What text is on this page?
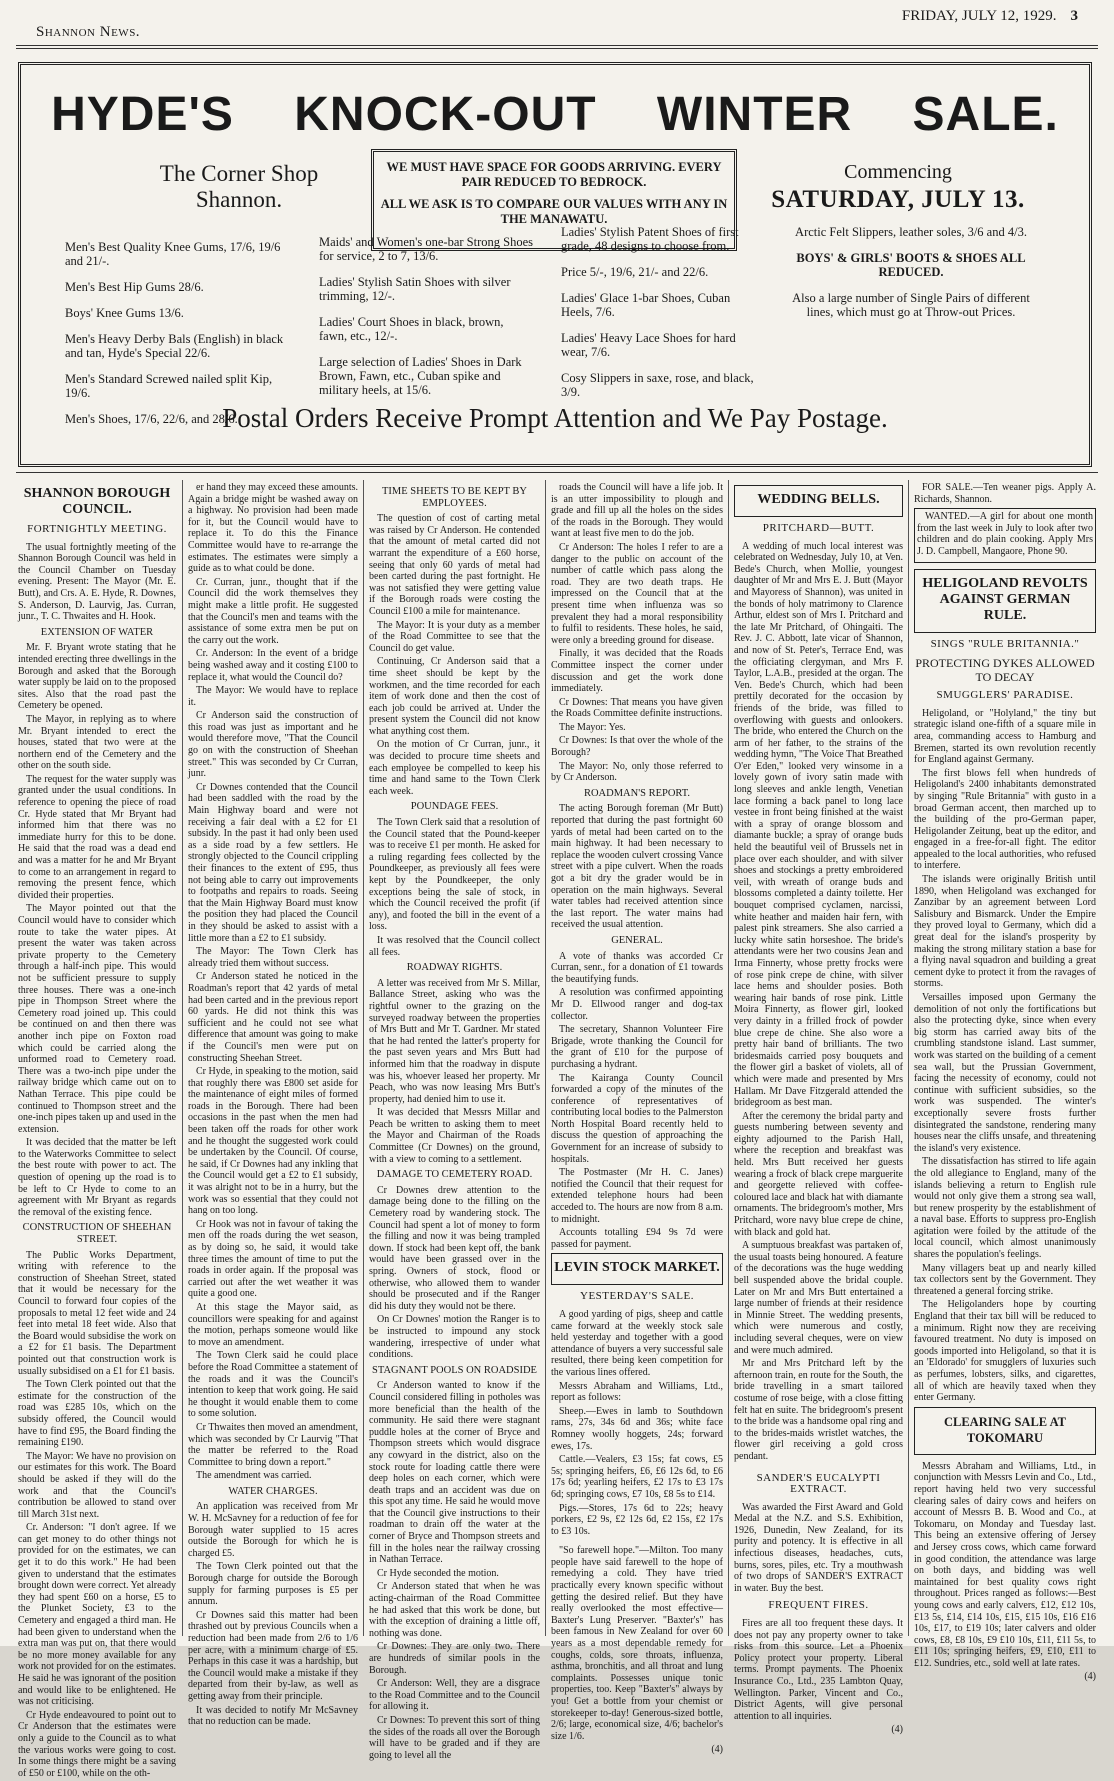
Shannon News.
FRIDAY, JULY 12, 1929. 3
HYDE'S KNOCK-OUT WINTER SALE.
The Corner Shop
Shannon.

WE MUST HAVE SPACE FOR GOODS ARRIVING. EVERY PAIR REDUCED TO BEDROCK.

ALL WE ASK IS TO COMPARE OUR VALUES WITH ANY IN THE MANAWATU.

Commencing
SATURDAY, JULY 13.

Men's Best Quality Knee Gums, 17/6, 19/6 and 21/-.

Men's Best Hip Gums 28/6.

Boys' Knee Gums 13/6.

Men's Heavy Derby Bals (English) in black and tan, Hyde's Special 22/6.

Men's Standard Screwed nailed split Kip, 19/6.

Men's Shoes, 17/6, 22/6, and 28/6.

Maids' and Women's one-bar Strong Shoes for service, 2 to 7, 13/6.

Ladies' Stylish Satin Shoes with silver trimming, 12/-.

Ladies' Court Shoes in black, brown, fawn, etc., 12/-.

Large selection of Ladies' Shoes in Dark Brown, Fawn, etc., Cuban spike and military heels, at 15/6.

Ladies' Stylish Patent Shoes of first grade, 48 designs to choose from.

Price 5/-, 19/6, 21/- and 22/6.

Ladies' Glace 1-bar Shoes, Cuban Heels, 7/6.

Ladies' Heavy Lace Shoes for hard wear, 7/6.

Cosy Slippers in saxe, rose, and black, 3/9.

Arctic Felt Slippers, leather soles, 3/6 and 4/3.

BOYS' & GIRLS' BOOTS & SHOES ALL REDUCED.

Also a large number of Single Pairs of different lines, which must go at Throw-out Prices.

Postal Orders Receive Prompt Attention and We Pay Postage.
SHANNON BOROUGH COUNCIL.
FORTNIGHTLY MEETING.

The usual fortnightly meeting of the Shannon Borough Council was held in the Council Chamber on Tuesday evening. Present: The Mayor (Mr. E. Butt), and Crs. A. E. Hyde, R. Downes, S. Anderson, D. Laurvig, Jas. Curran, junr., T. C. Thwaites and H. Hook.

EXTENSION OF WATER

Mr. F. Bryant wrote stating that he intended erecting three dwellings in the Borough and asked that the Borough water supply be laid on to the proposed sites. Also that the road past the Cemetery be opened.

The Mayor, in replying as to where Mr. Bryant intended to erect the houses, stated that two were at the northern end of the Cemetery and the other on the south side.

The request for the water supply was granted under the usual conditions. In reference to opening the piece of road Cr. Hyde stated that Mr Bryant had informed him that there was no immediate hurry for this to be done. He said that the road was a dead end and was a matter for he and Mr Bryant to come to an arrangement in regard to removing the present fence, which divided their properties.

The Mayor pointed out that the Council would have to consider which route to take the water pipes. At present the water was taken across private property to the Cemetery through a half-inch pipe. This would not be sufficient pressure to supply three houses. There was a one-inch pipe in Thompson Street where the Cemetery road joined up. This could be continued on and then there was another inch pipe on Foxton road which could be carried along the unformed road to Cemetery road. There was a two-inch pipe under the railway bridge which came out on to Nathan Terrace. This pipe could be continued to Thompson street and the one-inch pipes taken up and used in the extension.

It was decided that the matter be left to the Waterworks Committee to select the best route with power to act. The question of opening up the road is to be left to Cr Hyde to come to an agreement with Mr Bryant as regards the removal of the existing fence.

CONSTRUCTION OF SHEEHAN STREET.

The Public Works Department, writing with reference to the construction of Sheehan Street, stated that it would be necessary for the Council to forward four copies of the proposals to metal 12 feet wide and 24 feet into metal 18 feet wide. Also that the Board would subsidise the work on a £2 for £1 basis. The Department pointed out that construction work is usually subsidised on a £1 for £1 basis.

The Town Clerk pointed out that the estimate for the construction of the road was £285 10s, which on the subsidy offered, the Council would have to find £95, the Board finding the remaining £190.

The Mayor: We have no provision on our estimates for this work. The Board should be asked if they will do the work and that the Council's contribution be allowed to stand over till March 31st next.

Cr. Anderson: "I don't agree. If we can get money to do other things not provided for on the estimates, we can get it to do this work." He had been given to understand that the estimates brought down were correct. Yet already they had spent £60 on a horse, £5 to the Plunket Society, £3 to the Cemetery and engaged a third man. He had been given to understand when the extra man was put on, that there would be no more money available for any work not provided for on the estimates. He said he was ignorant of the position and would like to be enlightened. He was not criticising.

Cr Hyde endeavoured to point out to Cr Anderson that the estimates were only a guide to the Council as to what the various works were going to cost. In some things there might be a saving of £50 or £100, while on the oth-

er hand they may exceed these amounts. Again a bridge might be washed away on a highway. No provision had been made for it, but the Council would have to replace it. To do this the Finance Committee would have to re-arrange the estimates. The estimates were simply a guide as to what could be done.

Cr. Curran, junr., thought that if the Council did the work themselves they might make a little profit. He suggested that the Council's men and teams with the assistance of some extra men be put on the carry out the work.

Cr. Anderson: In the event of a bridge being washed away and it costing £100 to replace it, what would the Council do?

The Mayor: We would have to replace it.

Cr Anderson said the construction of this road was just as important and he would therefore move, "That the Council go on with the construction of Sheehan street." This was seconded by Cr Curran, junr.

Cr Downes contended that the Council had been saddled with the road by the Main Highway board and were not receiving a fair deal with a £2 for £1 subsidy. In the past it had only been used as a side road by a few settlers. He strongly objected to the Council crippling their finances to the extent of £95, thus not being able to carry out improvements to footpaths and repairs to roads. Seeing that the Main Highway Board must know the position they had placed the Council in they should be asked to assist with a little more than a £2 to £1 subsidy.

The Mayor: The Town Clerk has already tried them without success.

Cr Anderson stated he noticed in the Roadman's report that 42 yards of metal had been carted and in the previous report 60 yards. He did not think this was sufficient and he could not see what difference that amount was going to make if the Council's men were put on constructing Sheehan Street.

Cr Hyde, in speaking to the motion, said that roughly there was £800 set aside for the maintenance of eight miles of formed roads in the Borough. There had been occasions in the past when the men had been taken off the roads for other work and he thought the suggested work could be undertaken by the Council. Of course, he said, if Cr Downes had any inkling that the Council would get a £2 to £1 subsidy, it was alright not to be in a hurry, but the work was so essential that they could not hang on too long.

Cr Hook was not in favour of taking the men off the roads during the wet season, as by doing so, he said, it would take three times the amount of time to put the roads in order again. If the proposal was carried out after the wet weather it was quite a good one.

At this stage the Mayor said, as councillors were speaking for and against the motion, perhaps someone would like to move an amendment.

The Town Clerk said he could place before the Road Committee a statement of the roads and it was the Council's intention to keep that work going. He said he thought it would enable them to come to some solution.

Cr Thwaites then moved an amendment, which was seconded by Cr Laurvig "That the matter be referred to the Road Committee to bring down a report."

The amendment was carried.

WATER CHARGES.

An application was received from Mr W. H. McSavney for a reduction of fee for Borough water supplied to 15 acres outside the Borough for which he is charged £5.

The Town Clerk pointed out that the Borough charge for outside the Borough supply for farming purposes is £5 per annum.

Cr Downes said this matter had been thrashed out by previous Councils when a reduction had been made from 2/6 to 1/6 per acre, with a minimum charge of £5. Perhaps in this case it was a hardship, but the Council would make a mistake if they departed from their by-law, as well as getting away from their principle.

It was decided to notify Mr McSavney that no reduction can be made.

TIME SHEETS TO BE KEPT BY EMPLOYEES.

The question of cost of carting metal was raised by Cr Anderson. He contended that the amount of metal carted did not warrant the expenditure of a £60 horse, seeing that only 60 yards of metal had been carted during the past fortnight. He was not satisfied they were getting value if the Borough roads were costing the Council £100 a mile for maintenance.

The Mayor: It is your duty as a member of the Road Committee to see that the Council do get value.

Continuing, Cr Anderson said that a time sheet should be kept by the workmen, and the time recorded for each item of work done and then the cost of each job could be arrived at. Under the present system the Council did not know what anything cost them.

On the motion of Cr Curran, junr., it was decided to procure time sheets and each employee be compelled to keep his time and hand same to the Town Clerk each week.

POUNDAGE FEES.

The Town Clerk said that a resolution of the Council stated that the Pound-keeper was to receive £1 per month. He asked for a ruling regarding fees collected by the Poundkeeper, as previously all fees were kept by the Poundkeeper, the only exceptions being the sale of stock, in which the Council received the profit (if any), and footed the bill in the event of a loss.

It was resolved that the Council collect all fees.

ROADWAY RIGHTS.

A letter was received from Mr S. Millar, Ballance Street, asking who was the rightful owner to the grazing on the surveyed roadway between the properties of Mrs Butt and Mr T. Gardner. Mr stated that he had rented the latter's property for the past seven years and Mrs Butt had informed him that the roadway in dispute was his, whoever leased her property. Mr Peach, who was now leasing Mrs Butt's property, had denied him to use it.

It was decided that Messrs Millar and Peach be written to asking them to meet the Mayor and Chairman of the Roads Committee (Cr Downes) on the ground, with a view to coming to a settlement.

DAMAGE TO CEMETERY ROAD.

Cr Downes drew attention to the damage being done to the filling on the Cemetery road by wandering stock. The Council had spent a lot of money to form the filling and now it was being trampled down. If stock had been kept off, the bank would have been grassed over in the spring. Owners of stock, flood or otherwise, who allowed them to wander should be prosecuted and if the Ranger did his duty they would not be there.

On Cr Downes' motion the Ranger is to be instructed to impound any stock wandering, irrespective of under what conditions.

STAGNANT POOLS ON ROADSIDE

Cr Anderson wanted to know if the Council considered filling in potholes was more beneficial than the health of the community. He said there were stagnant puddle holes at the corner of Bryce and Thompson streets which would disgrace any cowyard in the district, also on the stock route for loading cattle there were deep holes on each corner, which were death traps and an accident was due on this spot any time. He said he would move that the Council give instructions to their roadman to drain off the water at the corner of Bryce and Thompson streets and fill in the holes near the railway crossing in Nathan Terrace.

Cr Hyde seconded the motion.

Cr Anderson stated that when he was acting-chairman of the Road Committee he had asked that this work be done, but with the exception of draining a little off, nothing was done.

Cr Downes: They are only two. There are hundreds of similar pools in the Borough.

Cr Anderson: Well, they are a disgrace to the Road Committee and to the Council for allowing it.

Cr Downes: To prevent this sort of thing the sides of the roads all over the Borough will have to be graded and if they are going to level all the

roads the Council will have a life job. It is an utter impossibility to plough and grade and fill up all the holes on the sides of the roads in the Borough. They would want at least five men to do the job.

Cr Anderson: The holes I refer to are a danger to the public on account of the number of cattle which pass along the road. They are two death traps. He impressed on the Council that at the present time when influenza was so prevalent they had a moral responsibility to fulfil to residents. These holes, he said, were only a breeding ground for disease.

Finally, it was decided that the Roads Committee inspect the corner under discussion and get the work done immediately.

Cr Downes: That means you have given the Roads Committee definite instructions.

The Mayor: Yes.

Cr Downes: Is that over the whole of the Borough?

The Mayor: No, only those referred to by Cr Anderson.

ROADMAN'S REPORT.

The acting Borough foreman (Mr Butt) reported that during the past fortnight 60 yards of metal had been carted on to the main highway. It had been necessary to replace the wooden culvert crossing Vance street with a pipe culvert. When the roads got a bit dry the grader would be in operation on the main highways. Several water tables had received attention since the last report. The water mains had received the usual attention.

GENERAL.

A vote of thanks was accorded Cr Curran, senr., for a donation of £1 towards the beautifying funds.

A resolution was confirmed appointing Mr D. Ellwood ranger and dog-tax collector.

The secretary, Shannon Volunteer Fire Brigade, wrote thanking the Council for the grant of £10 for the purpose of purchasing a hydrant.

The Kairanga County Council forwarded a copy of the minutes of the conference of representatives of contributing local bodies to the Palmerston North Hospital Board recently held to discuss the question of approaching the Government for an increase of subsidy to hospitals.

The Postmaster (Mr H. C. Janes) notified the Council that their request for extended telephone hours had been acceded to. The hours are now from 8 a.m. to midnight.

Accounts totalling £94 9s 7d were passed for payment.

LEVIN STOCK MARKET.
YESTERDAY'S SALE.

A good yarding of pigs, sheep and cattle came forward at the weekly stock sale held yesterday and together with a good attendance of buyers a very successful sale resulted, there being keen competition for the various lines offered.

Messrs Abraham and Williams, Ltd., report as follows:

Sheep.—Ewes in lamb to Southdown rams, 27s, 34s 6d and 36s; white face Romney woolly hoggets, 24s; forward ewes, 17s.

Cattle.—Vealers, £3 15s; fat cows, £5 5s; springing heifers, £6, £6 12s 6d, to £6 17s 6d; yearling heifers, £2 17s to £3 17s 6d; springing cows, £7 10s, £8 5s to £14.

Pigs.—Stores, 17s 6d to 22s; heavy porkers, £2 9s, £2 12s 6d, £2 15s, £2 17s to £3 10s.

"So farewell hope."—Milton. Too many people have said farewell to the hope of remedying a cold. They have tried practically every known specific without getting the desired relief. But they have really overlooked the most effective—Baxter's Lung Preserver. "Baxter's" has been famous in New Zealand for over 60 years as a most dependable remedy for coughs, colds, sore throats, influenza, asthma, bronchitis, and all throat and lung complaints. Possesses unique tonic properties, too. Keep "Baxter's" always by you! Get a bottle from your chemist or storekeeper to-day! Generous-sized bottle, 2/6; large, economical size, 4/6; bachelor's size 1/6.

(4)
WEDDING BELLS.
PRITCHARD—BUTT.

A wedding of much local interest was celebrated on Wednesday, July 10, at Ven. Bede's Church, when Mollie, youngest daughter of Mr and Mrs E. J. Butt (Mayor and Mayoress of Shannon), was united in the bonds of holy matrimony to Clarence Arthur, eldest son of Mrs I. Pritchard and the late Mr Pritchard, of Ohingaiti. The Rev. J. C. Abbott, late vicar of Shannon, and now of St. Peter's, Terrace End, was the officiating clergyman, and Mrs F. Taylor, L.A.B., presided at the organ. The Ven. Bede's Church, which had been prettily decorated for the occasion by friends of the bride, was filled to overflowing with guests and onlookers. The bride, who entered the Church on the arm of her father, to the strains of the wedding hymn, "The Voice That Breathed O'er Eden," looked very winsome in a lovely gown of ivory satin made with long sleeves and ankle length, Venetian lace forming a back panel to long lace vestee in front being finished at the waist with a spray of orange blossom and diamante buckle; a spray of orange buds held the beautiful veil of Brussels net in place over each shoulder, and with silver shoes and stockings a pretty embroidered veil, with wreath of orange buds and blossoms completed a dainty toilette. Her bouquet comprised cyclamen, narcissi, white heather and maiden hair fern, with palest pink streamers. She also carried a lucky white satin horseshoe. The bride's attendants were her two cousins Jean and Irma Finnerty, whose pretty frocks were of rose pink crepe de chine, with silver lace hems and shoulder posies. Both wearing hair bands of rose pink. Little Moira Finnerty, as flower girl, looked very dainty in a frilled frock of powder blue crepe de chine. She also wore a pretty hair band of brilliants. The two bridesmaids carried posy bouquets and the flower girl a basket of violets, all of which were made and presented by Mrs Hallam. Mr Dave Fitzgerald attended the bridegroom as best man.

After the ceremony the bridal party and guests numbering between seventy and eighty adjourned to the Parish Hall, where the reception and breakfast was held. Mrs Butt received her guests wearing a frock of black crepe marguerite and georgette relieved with coffee-coloured lace and black hat with diamante ornaments. The bridegroom's mother, Mrs Pritchard, wore navy blue crepe de chine, with black and gold hat.

A sumptuous breakfast was partaken of, the usual toasts being honoured. A feature of the decorations was the huge wedding bell suspended above the bridal couple. Later on Mr and Mrs Butt entertained a large number of friends at their residence in Minnie Street. The wedding presents, which were numerous and costly, including several cheques, were on view and were much admired.

Mr and Mrs Pritchard left by the afternoon train, en route for the South, the bride travelling in a smart tailored costume of rose beige, with a close fitting felt hat en suite. The bridegroom's present to the bride was a handsome opal ring and to the brides-maids wristlet watches, the flower girl receiving a gold cross pendant.

SANDER'S EUCALYPTI EXTRACT.

Was awarded the First Award and Gold Medal at the N.Z. and S.S. Exhibition, 1926, Dunedin, New Zealand, for its purity and potency. It is effective in all infectious diseases, headaches, cuts, burns, sores, piles, etc. Try a mouthwash of two drops of SANDER'S EXTRACT in water. Buy the best.

FREQUENT FIRES.

Fires are all too frequent these days. It does not pay any property owner to take risks from this source. Let a Phoenix Policy protect your property. Liberal terms. Prompt payments. The Phoenix Insurance Co., Ltd., 235 Lambton Quay, Wellington. Parker, Vincent and Co., District Agents, will give personal attention to all inquiries.

(4)

FOR SALE.—Ten weaner pigs. Apply A. Richards, Shannon.

WANTED.—A girl for about one month from the last week in July to look after two children and do plain cooking. Apply Mrs J. D. Campbell, Mangaore, Phone 90.

HELIGOLAND REVOLTS AGAINST GERMAN RULE.
SINGS "RULE BRITANNIA."
PROTECTING DYKES ALLOWED TO DECAY
SMUGGLERS' PARADISE.

Heligoland, or "Holyland," the tiny but strategic island one-fifth of a square mile in area, commanding access to Hamburg and Bremen, started its own revolution recently for England against Germany.

The first blows fell when hundreds of Heligoland's 2400 inhabitants demonstrated by singing "Rule Britannia" with gusto in a broad German accent, then marched up to the building of the pro-German paper, Heligolander Zeitung, beat up the editor, and engaged in a free-for-all fight. The editor appealed to the local authorities, who refused to interfere.

The islands were originally British until 1890, when Heligoland was exchanged for Zanzibar by an agreement between Lord Salisbury and Bismarck. Under the Empire they proved loyal to Germany, which did a great deal for the island's prosperity by making the strong military station a base for a flying naval squadron and building a great cement dyke to protect it from the ravages of storms.

Versailles imposed upon Germany the demolition of not only the fortifications but also the protecting dyke, since when every big storm has carried away bits of the crumbling standstone island. Last summer, work was started on the building of a cement sea wall, but the Prussian Government, facing the necessity of economy, could not continue with sufficient subsidies, so the work was suspended. The winter's exceptionally severe frosts further disintegrated the sandstone, rendering many houses near the cliffs unsafe, and threatening the island's very existence.

The dissatisfaction has stirred to life again the old allegiance to England, many of the islands believing a return to English rule would not only give them a strong sea wall, but renew prosperity by the establishment of a naval base. Efforts to suppress pro-English agitation were foiled by the attitude of the local council, which almost unanimously shares the population's feelings.

Many villagers beat up and nearly killed tax collectors sent by the Government. They threatened a general forcing strike.

The Heligolanders hope by courting England that their tax bill will be reduced to a minimum. Right now they are receiving favoured treatment. No duty is imposed on goods imported into Heligoland, so that it is an 'Eldorado' for smugglers of luxuries such as perfumes, lobsters, silks, and cigarettes, all of which are heavily taxed when they enter Germany.

CLEARING SALE AT TOKOMARU

Messrs Abraham and Williams, Ltd., in conjunction with Messrs Levin and Co., Ltd., report having held two very successful clearing sales of dairy cows and heifers on account of Messrs B. B. Wood and Co., at Tokomaru, on Monday and Tuesday last. This being an extensive offering of Jersey and Jersey cross cows, which came forward in good condition, the attendance was large on both days, and bidding was well maintained for best quality cows right throughout. Prices ranged as follows:—Best young cows and early calvers, £12, £12 10s, £13 5s, £14, £14 10s, £15, £15 10s, £16 £16 10s, £17, to £19 10s; later calvers and older cows, £8, £8 10s, £9 £10 10s, £11, £11 5s, to £11 10s; springing heifers, £9, £10, £11 to £12. Sundries, etc., sold well at late rates.

(4)
